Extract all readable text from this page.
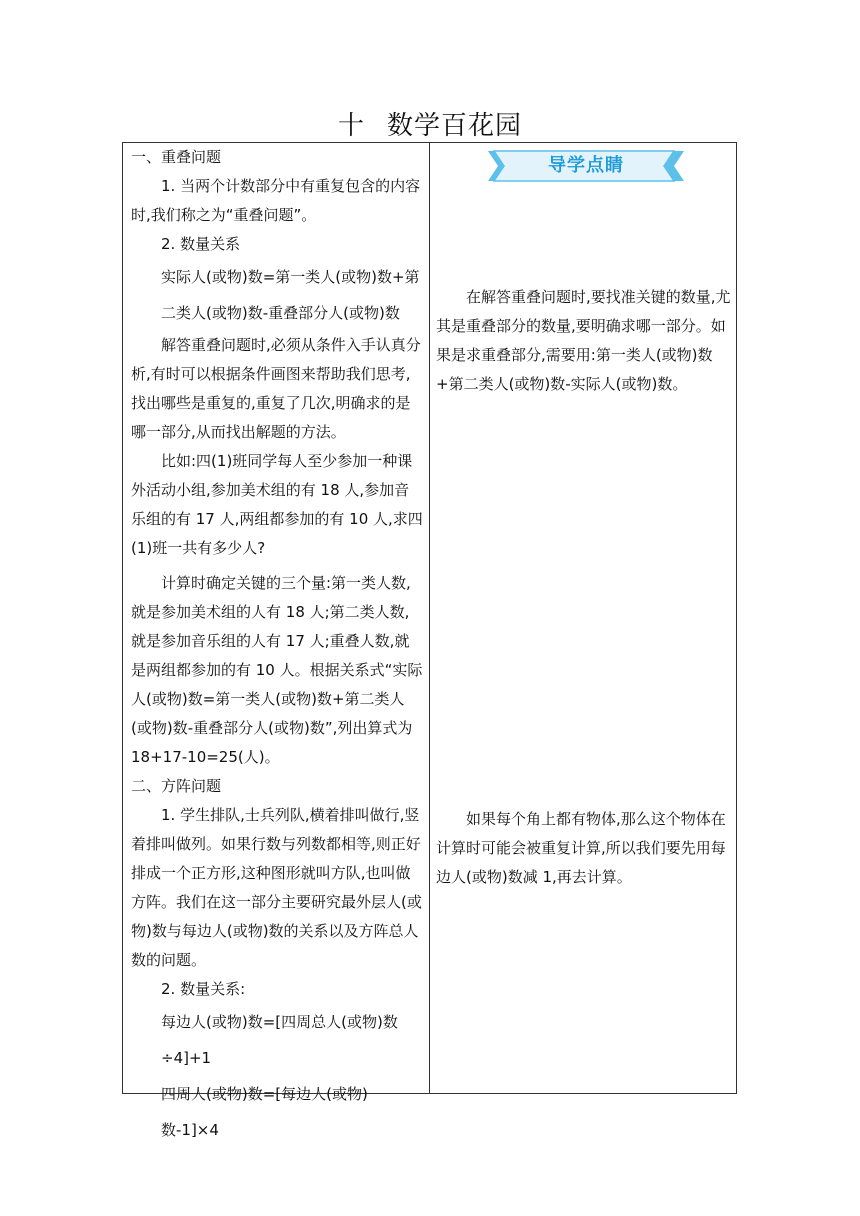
十 数学百花园

一、重叠问题

1. 当两个计数部分中有重复包含的内容时,我们称之为“重叠问题”。

2. 数量关系

实际人(或物)数=第一类人(或物)数+第二类人(或物)数-重叠部分人(或物)数

解答重叠问题时,必须从条件入手认真分析,有时可以根据条件画图来帮助我们思考,找出哪些是重复的,重复了几次,明确求的是哪一部分,从而找出解题的方法。

比如:四(1)班同学每人至少参加一种课外活动小组,参加美术组的有 18 人,参加音乐组的有 17 人,两组都参加的有 10 人,求四(1)班一共有多少人?

计算时确定关键的三个量:第一类人数,就是参加美术组的人有 18 人;第二类人数,就是参加音乐组的人有 17 人;重叠人数,就是两组都参加的有 10 人。根据关系式“实际人(或物)数=第一类人(或物)数+第二类人(或物)数-重叠部分人(或物)数”,列出算式为

18+17-10=25(人)。

二、方阵问题

1. 学生排队,士兵列队,横着排叫做行,竖着排叫做列。如果行数与列数都相等,则正好排成一个正方形,这种图形就叫方队,也叫做方阵。我们在这一部分主要研究最外层人(或物)数与每边人(或物)数的关系以及方阵总人数的问题。

2. 数量关系:

每边人(或物)数=[四周总人(或物)数

÷4]+1

四周人(或物)数=[每边人(或物)数-1]×4

导学点睛

在解答重叠问题时,要找准关键的数量,尤其是重叠部分的数量,要明确求哪一部分。如果是求重叠部分,需要用:第一类人(或物)数+第二类人(或物)数-实际人(或物)数。

如果每个角上都有物体,那么这个物体在计算时可能会被重复计算,所以我们要先用每边人(或物)数减 1,再去计算。
